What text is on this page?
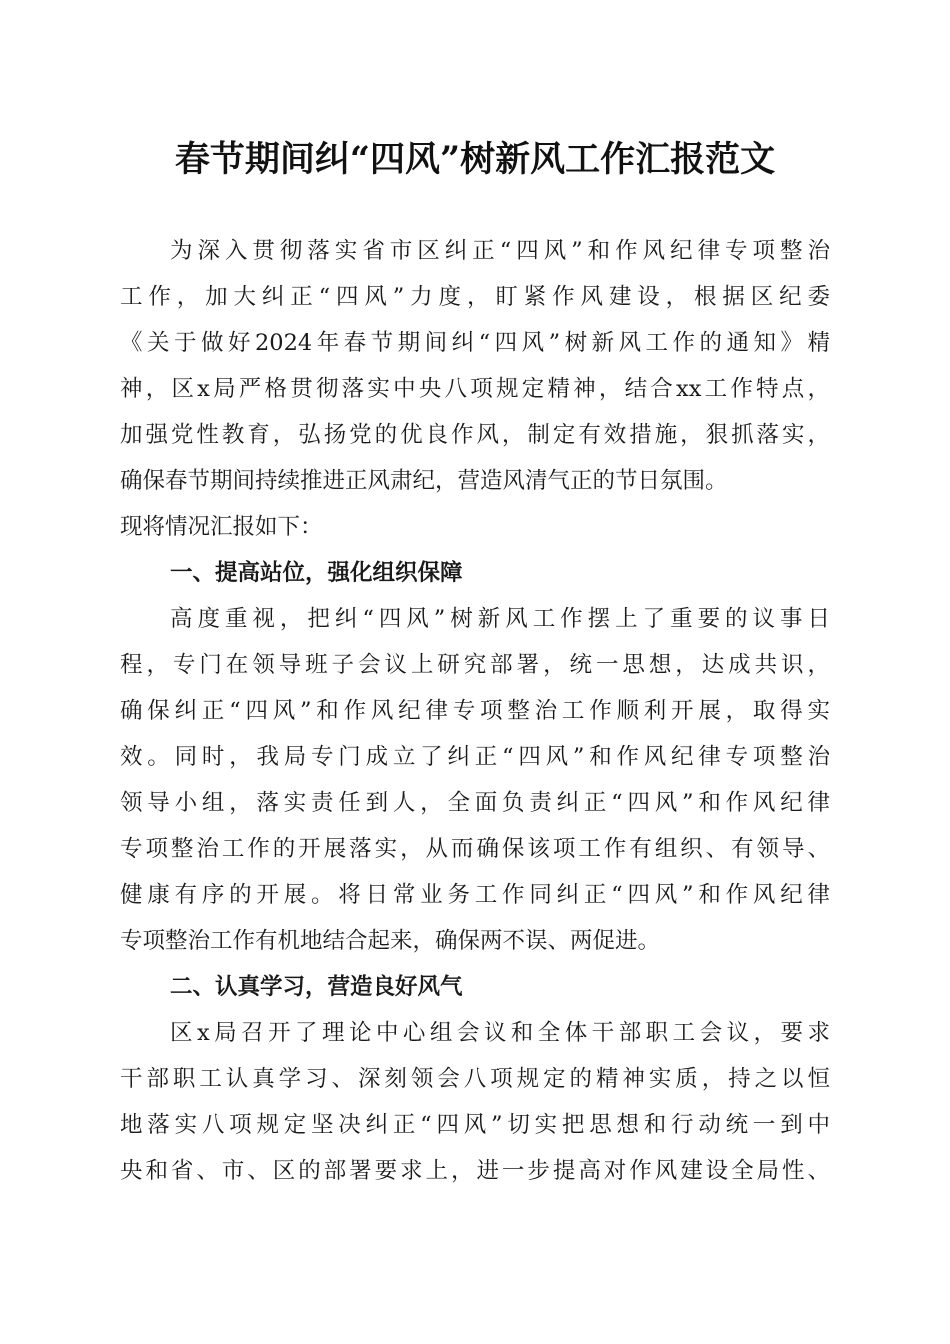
春节期间纠“四风”树新风工作汇报范文
为深入贯彻落实省市区纠正“四风”和作风纪律专项整治
工作，加大纠正“四风”力度，盯紧作风建设，根据区纪委
《关于做好2024年春节期间纠“四风”树新风工作的通知》精
神，区x局严格贯彻落实中央八项规定精神，结合xx工作特点，
加强党性教育，弘扬党的优良作风，制定有效措施，狠抓落实，
确保春节期间持续推进正风肃纪，营造风清气正的节日氛围。
现将情况汇报如下：
一、提高站位，强化组织保障
高度重视，把纠“四风”树新风工作摆上了重要的议事日
程，专门在领导班子会议上研究部署，统一思想，达成共识，
确保纠正“四风”和作风纪律专项整治工作顺利开展，取得实
效。同时，我局专门成立了纠正“四风”和作风纪律专项整治
领导小组，落实责任到人，全面负责纠正“四风”和作风纪律
专项整治工作的开展落实，从而确保该项工作有组织、有领导、
健康有序的开展。将日常业务工作同纠正“四风”和作风纪律
专项整治工作有机地结合起来，确保两不误、两促进。
二、认真学习，营造良好风气
区x局召开了理论中心组会议和全体干部职工会议，要求
干部职工认真学习、深刻领会八项规定的精神实质，持之以恒
地落实八项规定坚决纠正“四风”切实把思想和行动统一到中
央和省、市、区的部署要求上，进一步提高对作风建设全局性、
